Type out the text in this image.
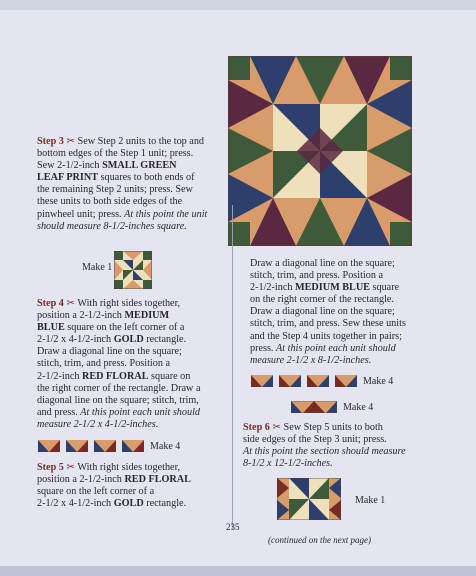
Step 3 ✂ Sew Step 2 units to the top and
bottom edges of the Step 1 unit; press.
Sew 2-1/2-inch SMALL GREEN
LEAF PRINT squares to both ends of
the remaining Step 2 units; press. Sew
these units to both side edges of the
pinwheel unit; press. At this point the unit
should measure 8-1/2-inches square.
Make 1
Step 4 ✂ With right sides together,
position a 2-1/2-inch MEDIUM
BLUE square on the left corner of a
2-1/2 x 4-1/2-inch GOLD rectangle.
Draw a diagonal line on the square;
stitch, trim, and press. Position a
2-1/2-inch RED FLORAL square on
the right corner of the rectangle. Draw a
diagonal line on the square; stitch, trim,
and press. At this point each unit should
measure 2-1/2 x 4-1/2-inches.
Make 4
Step 5 ✂ With right sides together,
position a 2-1/2-inch RED FLORAL
square on the left corner of a
2-1/2 x 4-1/2-inch GOLD rectangle.
Draw a diagonal line on the square;
stitch, trim, and press. Position a
2-1/2-inch MEDIUM BLUE square
on the right corner of the rectangle.
Draw a diagonal line on the square;
stitch, trim, and press. Sew these units
and the Step 4 units together in pairs;
press. At this point each unit should
measure 2-1/2 x 8-1/2-inches.
Make 4
Make 4
Step 6 ✂ Sew Step 5 units to both
side edges of the Step 3 unit; press.
At this point the section should measure
8-1/2 x 12-1/2-inches.
Make 1
235
(continued on the next page)
